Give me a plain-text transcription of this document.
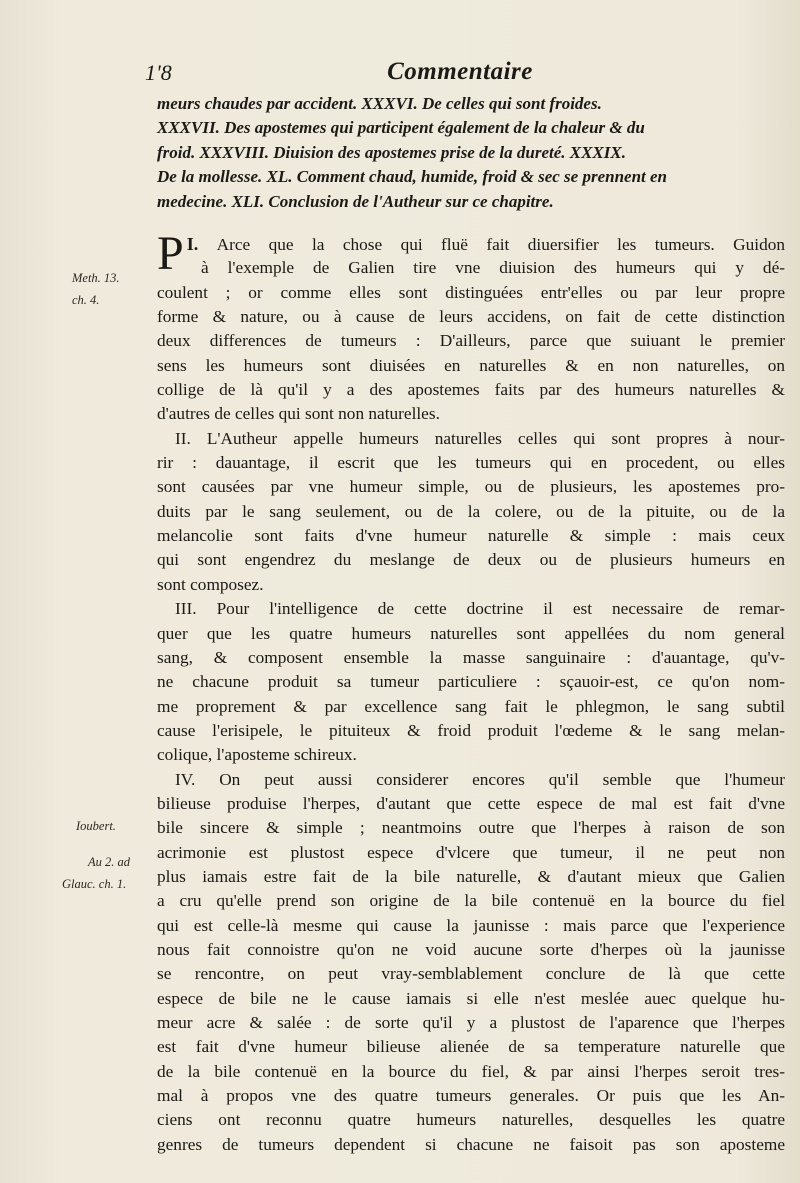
1'8	Commentaire
meurs chaudes par accident. XXXVI. De celles qui sont froides.
XXXVII. Des apostemes qui participent également de la chaleur & du
froid. XXXVIII. Diuision des apostemes prise de la dureté. XXXIX.
De la mollesse. XL. Comment chaud, humide, froid & sec se prennent en
medecine. XLI. Conclusion de l'Autheur sur ce chapitre.
Meth. 13.
ch. 4.
Ioubert.
Au 2. ad
Glauc. ch. 1.
I.
P Arce que la chose qui fluë fait diuersifier les tumeurs. Guidon
à l'exemple de Galien tire vne diuision des humeurs qui y dé-
coulent ; or comme elles sont distinguées entr'elles ou par leur propre
forme & nature, ou à cause de leurs accidens, on fait de cette distinction
deux differences de tumeurs : D'ailleurs, parce que suiuant le premier
sens les humeurs sont diuisées en naturelles & en non naturelles, on
collige de là qu'il y a des apostemes faits par des humeurs naturelles &
d'autres de celles qui sont non naturelles.
II. L'Autheur appelle humeurs naturelles celles qui sont propres à nour-
rir : dauantage, il escrit que les tumeurs qui en procedent, ou elles
sont causées par vne humeur simple, ou de plusieurs, les apostemes pro-
duits par le sang seulement, ou de la colere, ou de la pituite, ou de la
melancolie sont faits d'vne humeur naturelle & simple : mais ceux
qui sont engendrez du meslange de deux ou de plusieurs humeurs en
sont composez.
III. Pour l'intelligence de cette doctrine il est necessaire de remar-
quer que les quatre humeurs naturelles sont appellées du nom general
sang, & composent ensemble la masse sanguinaire : d'auantage, qu'v-
ne chacune produit sa tumeur particuliere : sçauoir-est, ce qu'on nom-
me proprement & par excellence sang fait le phlegmon, le sang subtil
cause l'erisipele, le pituiteux & froid produit l'œdeme & le sang melan-
colique, l'aposteme schireux.
IV. On peut aussi considerer encores qu'il semble que l'humeur
bilieuse produise l'herpes, d'autant que cette espece de mal est fait d'vne
bile sincere & simple ; neantmoins outre que l'herpes à raison de son
acrimonie est plustost espece d'vlcere que tumeur, il ne peut non
plus iamais estre fait de la bile naturelle, & d'autant mieux que Galien
a cru qu'elle prend son origine de la bile contenuë en la bource du fiel
qui est celle-là mesme qui cause la jaunisse : mais parce que l'experience
nous fait connoistre qu'on ne void aucune sorte d'herpes où la jaunisse
se rencontre, on peut vray-semblablement conclure de là que cette
espece de bile ne le cause iamais si elle n'est meslée auec quelque hu-
meur acre & salée : de sorte qu'il y a plustost de l'aparence que l'herpes
est fait d'vne humeur bilieuse alienée de sa temperature naturelle que
de la bile contenuë en la bource du fiel, & par ainsi l'herpes seroit tres-
mal à propos vne des quatre tumeurs generales. Or puis que les An-
ciens ont reconnu quatre humeurs naturelles, desquelles les quatre
genres de tumeurs dependent si chacune ne faisoit pas son aposteme
